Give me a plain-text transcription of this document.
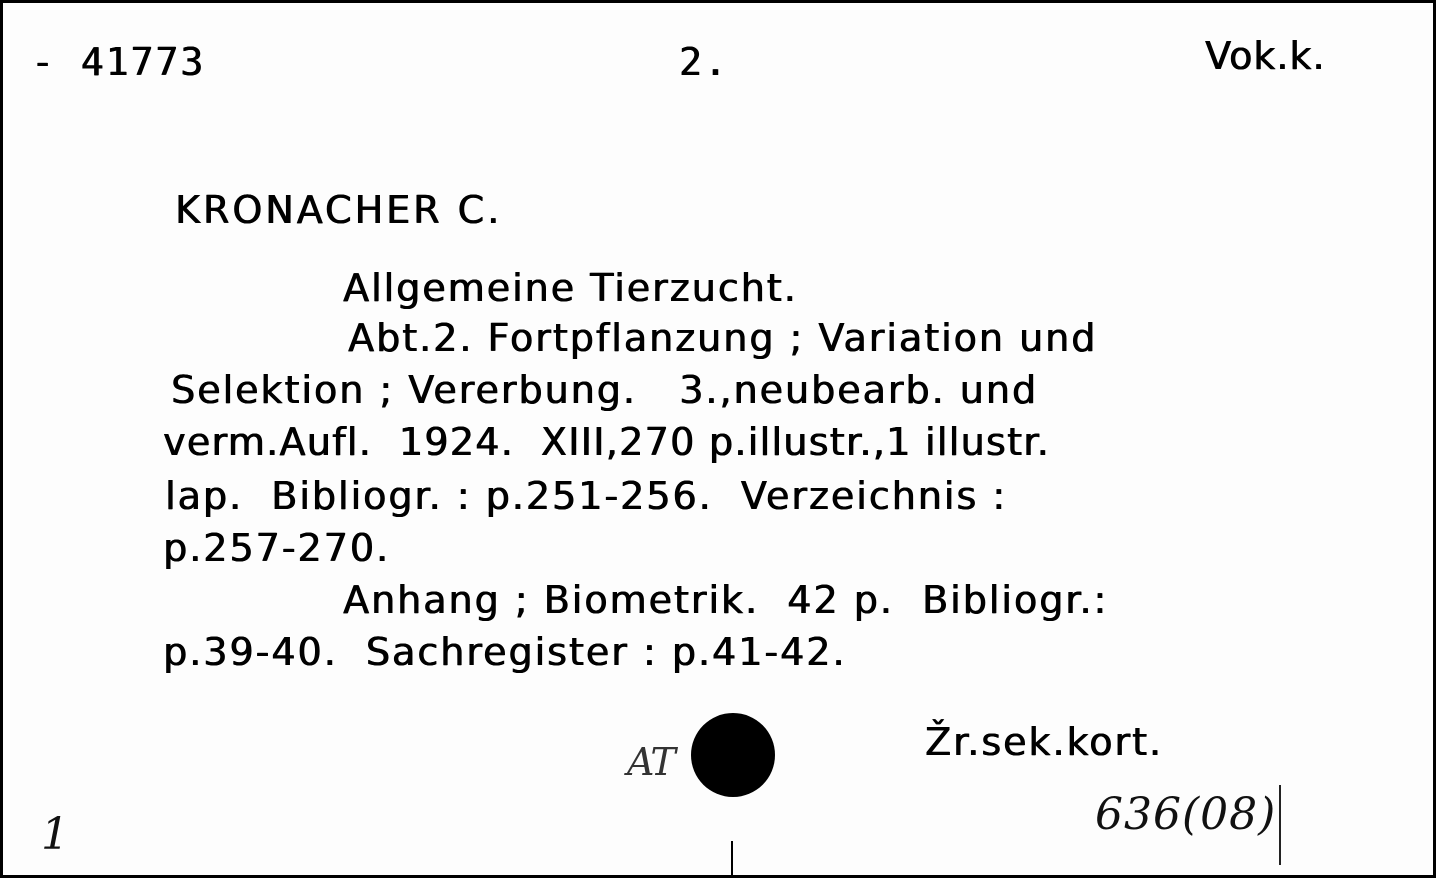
- 41773	2.	Vok.k.
KRONACHER C.
Allgemeine Tierzucht.
Abt.2. Fortpflanzung ; Variation und
Selektion ; Vererbung.   3.,neubearb. und
verm.Aufl.  1924.  XIII,270 p.illustr.,1 illustr.
lap.  Bibliogr. : p.251-256.  Verzeichnis :
p.257-270.
Anhang ; Biometrik.  42 p.  Bibliogr.:
p.39-40.  Sachregister : p.41-42.
Žr.sek.kort.
AT
636(08)
1
